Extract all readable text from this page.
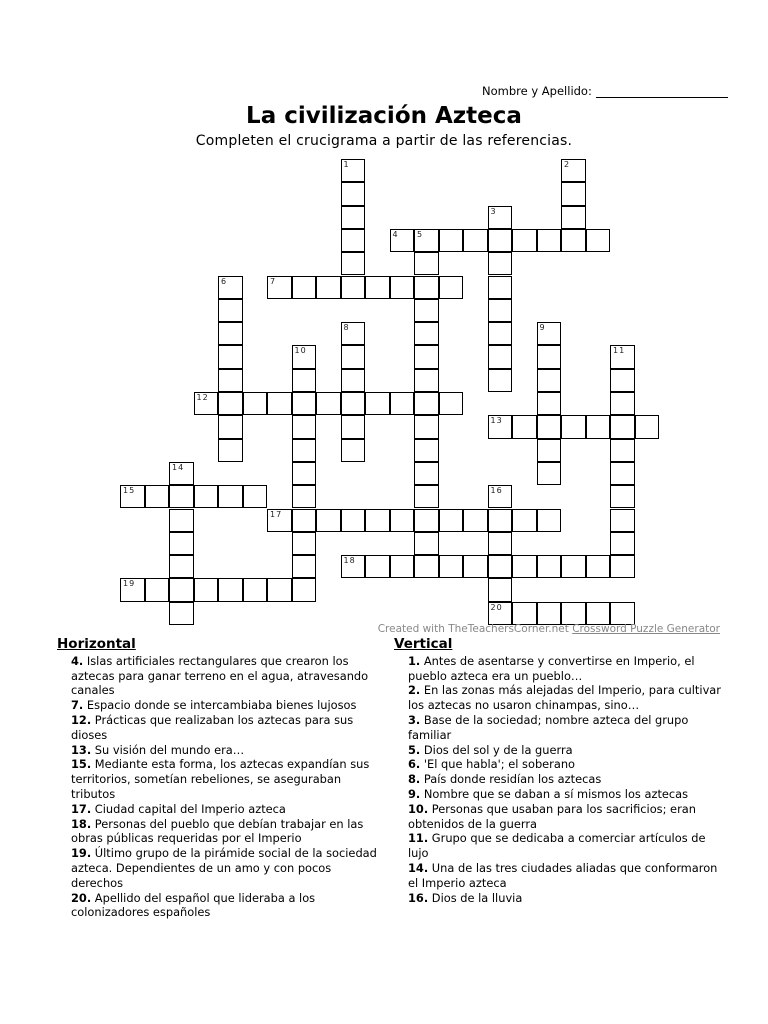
Nombre y Apellido:
La civilización Azteca
Completen el crucigrama a partir de las referencias.
4 5
7
12
13
15
17
18
19
20
1	2
3
6
8	9
10	11
14
16
Created with TheTeachersCorner.net Crossword Puzzle Generator
Horizontal
4. Islas artificiales rectangulares que crearon los aztecas para ganar terreno en el agua, atravesando canales
7. Espacio donde se intercambiaba bienes lujosos
12. Prácticas que realizaban los aztecas para sus dioses
13. Su visión del mundo era…
15. Mediante esta forma, los aztecas expandían sus territorios, sometían rebeliones, se aseguraban tributos
17. Ciudad capital del Imperio azteca
18. Personas del pueblo que debían trabajar en las obras públicas requeridas por el Imperio
19. Último grupo de la pirámide social de la sociedad azteca. Dependientes de un amo y con pocos derechos
20. Apellido del español que lideraba a los colonizadores españoles
Vertical
1. Antes de asentarse y convertirse en Imperio, el pueblo azteca era un pueblo…
2. En las zonas más alejadas del Imperio, para cultivar los aztecas no usaron chinampas, sino…
3. Base de la sociedad; nombre azteca del grupo familiar
5. Dios del sol y de la guerra
6. 'El que habla'; el soberano
8. País donde residían los aztecas
9. Nombre que se daban a sí mismos los aztecas
10. Personas que usaban para los sacrificios; eran obtenidos de la guerra
11. Grupo que se dedicaba a comerciar artículos de lujo
14. Una de las tres ciudades aliadas que conformaron el Imperio azteca
16. Dios de la lluvia
